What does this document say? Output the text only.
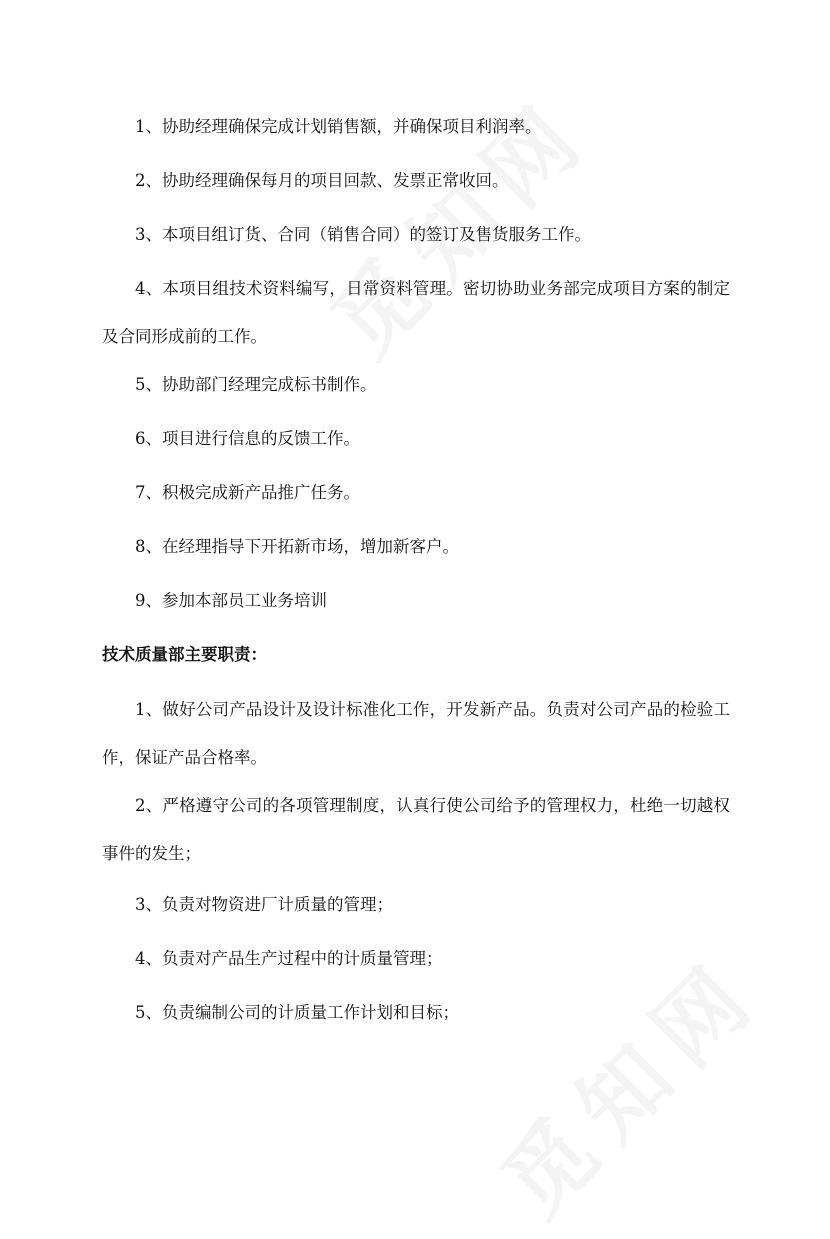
1、协助经理确保完成计划销售额，并确保项目利润率。

2、协助经理确保每月的项目回款、发票正常收回。

3、本项目组订货、合同（销售合同）的签订及售货服务工作。

4、本项目组技术资料编写，日常资料管理。密切协助业务部完成项目方案的制定及合同形成前的工作。

5、协助部门经理完成标书制作。

6、项目进行信息的反馈工作。

7、积极完成新产品推广任务。

8、在经理指导下开拓新市场，增加新客户。

9、参加本部员工业务培训

技术质量部主要职责：

1、做好公司产品设计及设计标准化工作，开发新产品。负责对公司产品的检验工作，保证产品合格率。

2、严格遵守公司的各项管理制度，认真行使公司给予的管理权力，杜绝一切越权事件的发生；

3、负责对物资进厂计质量的管理；

4、负责对产品生产过程中的计质量管理；

5、负责编制公司的计质量工作计划和目标；
